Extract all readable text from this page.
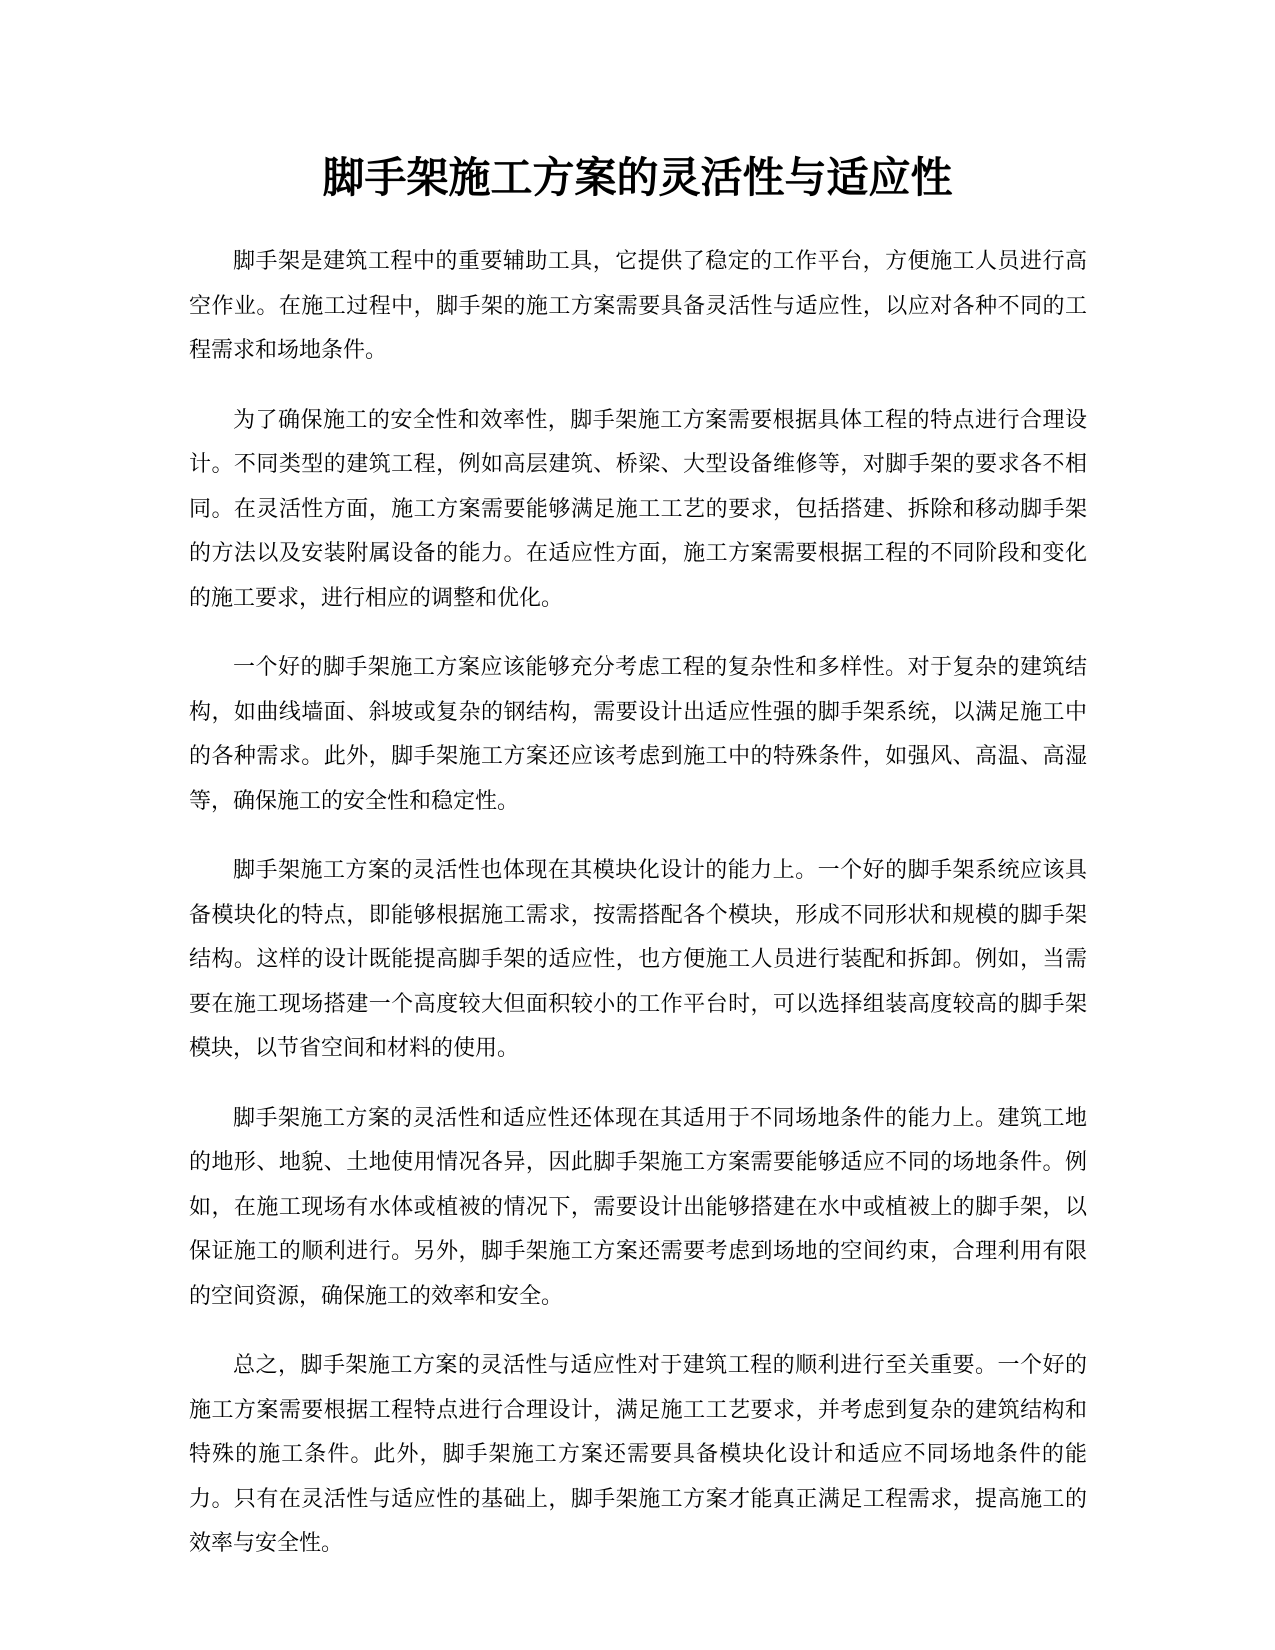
脚手架施工方案的灵活性与适应性

脚手架是建筑工程中的重要辅助工具，它提供了稳定的工作平台，方便施工人员进行高空作业。在施工过程中，脚手架的施工方案需要具备灵活性与适应性，以应对各种不同的工程需求和场地条件。

为了确保施工的安全性和效率性，脚手架施工方案需要根据具体工程的特点进行合理设计。不同类型的建筑工程，例如高层建筑、桥梁、大型设备维修等，对脚手架的要求各不相同。在灵活性方面，施工方案需要能够满足施工工艺的要求，包括搭建、拆除和移动脚手架的方法以及安装附属设备的能力。在适应性方面，施工方案需要根据工程的不同阶段和变化的施工要求，进行相应的调整和优化。

一个好的脚手架施工方案应该能够充分考虑工程的复杂性和多样性。对于复杂的建筑结构，如曲线墙面、斜坡或复杂的钢结构，需要设计出适应性强的脚手架系统，以满足施工中的各种需求。此外，脚手架施工方案还应该考虑到施工中的特殊条件，如强风、高温、高湿等，确保施工的安全性和稳定性。

脚手架施工方案的灵活性也体现在其模块化设计的能力上。一个好的脚手架系统应该具备模块化的特点，即能够根据施工需求，按需搭配各个模块，形成不同形状和规模的脚手架结构。这样的设计既能提高脚手架的适应性，也方便施工人员进行装配和拆卸。例如，当需要在施工现场搭建一个高度较大但面积较小的工作平台时，可以选择组装高度较高的脚手架模块，以节省空间和材料的使用。

脚手架施工方案的灵活性和适应性还体现在其适用于不同场地条件的能力上。建筑工地的地形、地貌、土地使用情况各异，因此脚手架施工方案需要能够适应不同的场地条件。例如，在施工现场有水体或植被的情况下，需要设计出能够搭建在水中或植被上的脚手架，以保证施工的顺利进行。另外，脚手架施工方案还需要考虑到场地的空间约束，合理利用有限的空间资源，确保施工的效率和安全。

总之，脚手架施工方案的灵活性与适应性对于建筑工程的顺利进行至关重要。一个好的施工方案需要根据工程特点进行合理设计，满足施工工艺要求，并考虑到复杂的建筑结构和特殊的施工条件。此外，脚手架施工方案还需要具备模块化设计和适应不同场地条件的能力。只有在灵活性与适应性的基础上，脚手架施工方案才能真正满足工程需求，提高施工的效率与安全性。
